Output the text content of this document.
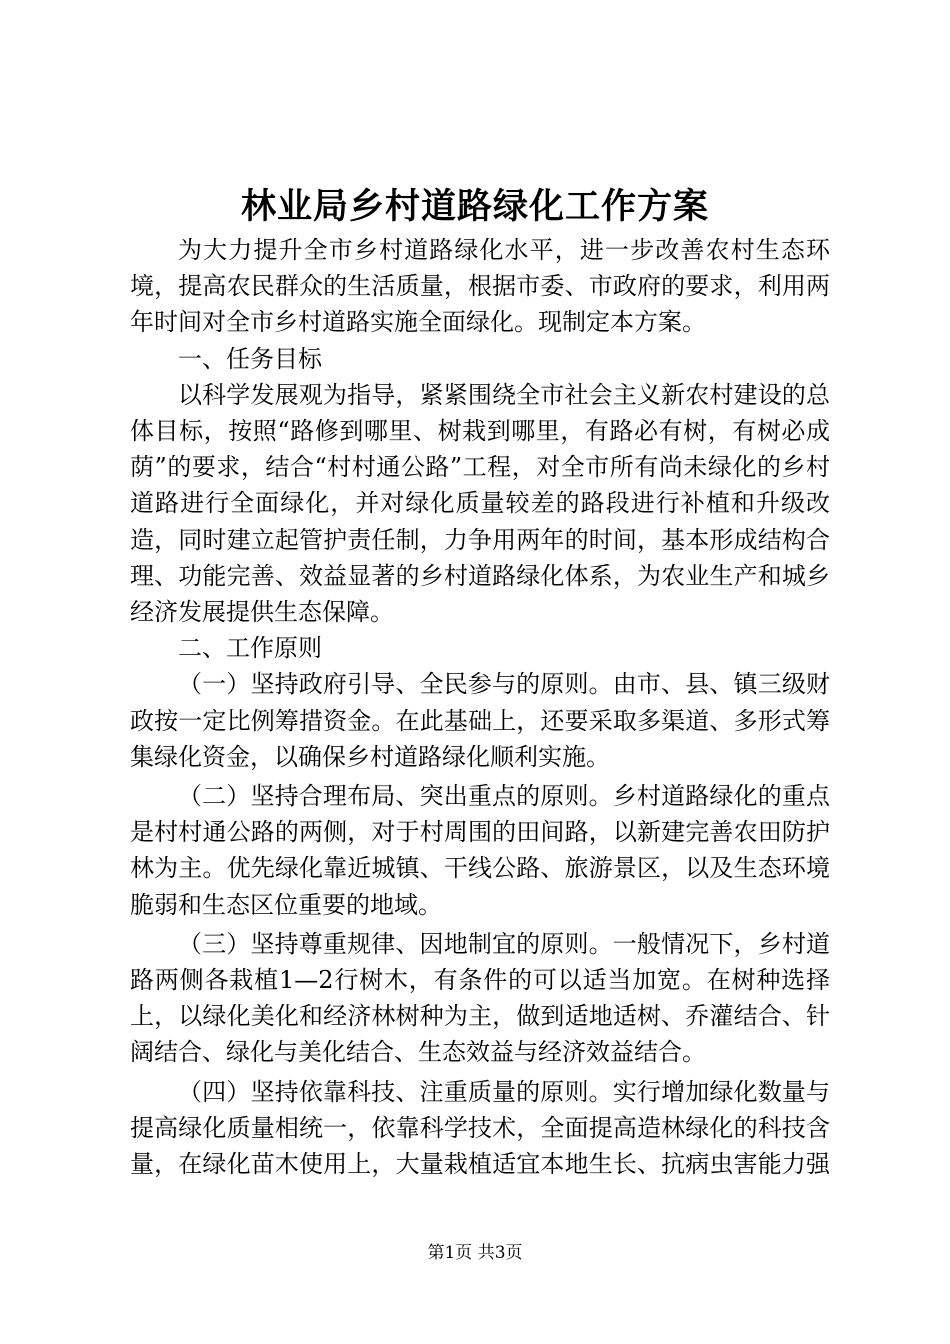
林业局乡村道路绿化工作方案

为大力提升全市乡村道路绿化水平，进一步改善农村生态环境，提高农民群众的生活质量，根据市委、市政府的要求，利用两年时间对全市乡村道路实施全面绿化。现制定本方案。

一、任务目标

以科学发展观为指导，紧紧围绕全市社会主义新农村建设的总体目标，按照“路修到哪里、树栽到哪里，有路必有树，有树必成荫”的要求，结合“村村通公路”工程，对全市所有尚未绿化的乡村道路进行全面绿化，并对绿化质量较差的路段进行补植和升级改造，同时建立起管护责任制，力争用两年的时间，基本形成结构合理、功能完善、效益显著的乡村道路绿化体系，为农业生产和城乡经济发展提供生态保障。

二、工作原则

（一）坚持政府引导、全民参与的原则。由市、县、镇三级财政按一定比例筹措资金。在此基础上，还要采取多渠道、多形式筹集绿化资金，以确保乡村道路绿化顺利实施。

（二）坚持合理布局、突出重点的原则。乡村道路绿化的重点是村村通公路的两侧，对于村周围的田间路，以新建完善农田防护林为主。优先绿化靠近城镇、干线公路、旅游景区，以及生态环境脆弱和生态区位重要的地域。

（三）坚持尊重规律、因地制宜的原则。一般情况下，乡村道路两侧各栽植1—2行树木，有条件的可以适当加宽。在树种选择上，以绿化美化和经济林树种为主，做到适地适树、乔灌结合、针阔结合、绿化与美化结合、生态效益与经济效益结合。

（四）坚持依靠科技、注重质量的原则。实行增加绿化数量与提高绿化质量相统一，依靠科学技术，全面提高造林绿化的科技含量，在绿化苗木使用上，大量栽植适宜本地生长、抗病虫害能力强

第1页 共3页
